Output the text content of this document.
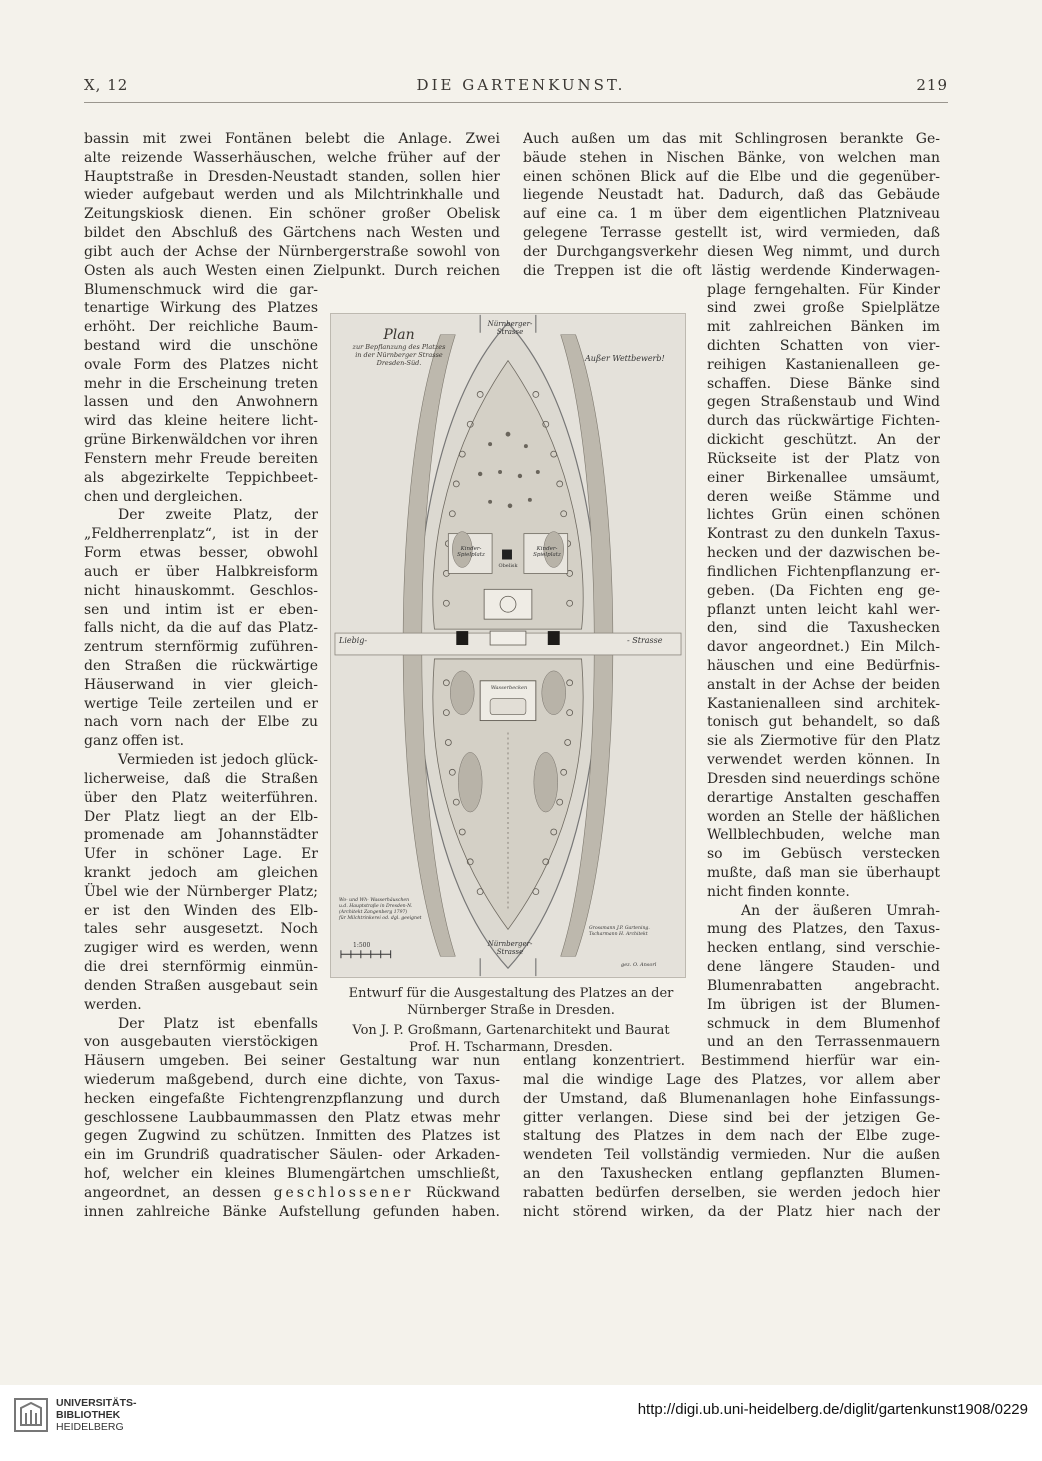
X, 12	DIE GARTENKUNST.	219
bassin mit zwei Fontänen belebt die Anlage. Zwei
alte reizende Wasserhäuschen, welche früher auf der
Hauptstraße in Dresden-Neustadt standen, sollen hier
wieder aufgebaut werden und als Milchtrinkhalle und
Zeitungskiosk dienen. Ein schöner großer Obelisk
bildet den Abschluß des Gärtchens nach Westen und
gibt auch der Achse der Nürnbergerstraße sowohl von
Osten als auch Westen einen Zielpunkt. Durch reichen
Blumenschmuck wird die gar-
tenartige Wirkung des Platzes
erhöht. Der reichliche Baum-
bestand wird die unschöne
ovale Form des Platzes nicht
mehr in die Erscheinung treten
lassen und den Anwohnern
wird das kleine heitere licht-
grüne Birkenwäldchen vor ihren
Fenstern mehr Freude bereiten
als abgezirkelte Teppichbeet-
chen und dergleichen.
Der zweite Platz, der
„Feldherrenplatz“, ist in der
Form etwas besser, obwohl
auch er über Halbkreisform
nicht hinauskommt. Geschlos-
sen und intim ist er eben-
falls nicht, da die auf das Platz-
zentrum sternförmig zuführen-
den Straßen die rückwärtige
Häuserwand in vier gleich-
wertige Teile zerteilen und er
nach vorn nach der Elbe zu
ganz offen ist.
Vermieden ist jedoch glück-
licherweise, daß die Straßen
über den Platz weiterführen.
Der Platz liegt an der Elb-
promenade am Johannstädter
Ufer in schöner Lage. Er
krankt jedoch am gleichen
Übel wie der Nürnberger Platz;
er ist den Winden des Elb-
tales sehr ausgesetzt. Noch
zugiger wird es werden, wenn
die drei sternförmig einmün-
denden Straßen ausgebaut sein
werden.
Der Platz ist ebenfalls
von ausgebauten vierstöckigen
Häusern umgeben. Bei seiner Gestaltung war nun
wiederum maßgebend, durch eine dichte, von Taxus-
hecken eingefaßte Fichtengrenzpflanzung und durch
geschlossene Laubbaummassen den Platz etwas mehr
gegen Zugwind zu schützen. Inmitten des Platzes ist
ein im Grundriß quadratischer Säulen- oder Arkaden-
hof, welcher ein kleines Blumengärtchen umschließt,
angeordnet, an dessen geschlossener Rückwand
innen zahlreiche Bänke Aufstellung gefunden haben.
Auch außen um das mit Schlingrosen berankte Ge-
bäude stehen in Nischen Bänke, von welchen man
einen schönen Blick auf die Elbe und die gegenüber-
liegende Neustadt hat. Dadurch, daß das Gebäude
auf eine ca. 1 m über dem eigentlichen Platzniveau
gelegene Terrasse gestellt ist, wird vermieden, daß
der Durchgangsverkehr diesen Weg nimmt, und durch
die Treppen ist die oft lästig werdende Kinderwagen-
plage ferngehalten. Für Kinder
sind zwei große Spielplätze
mit zahlreichen Bänken im
dichten Schatten von vier-
reihigen Kastanienalleen ge-
schaffen. Diese Bänke sind
gegen Straßenstaub und Wind
durch das rückwärtige Fichten-
dickicht geschützt. An der
Rückseite ist der Platz von
einer Birkenallee umsäumt,
deren weiße Stämme und
lichtes Grün einen schönen
Kontrast zu den dunkeln Taxus-
hecken und der dazwischen be-
findlichen Fichtenpflanzung er-
geben. (Da Fichten eng ge-
pflanzt unten leicht kahl wer-
den, sind die Taxushecken
davor angeordnet.) Ein Milch-
häuschen und eine Bedürfnis-
anstalt in der Achse der beiden
Kastanienalleen sind architek-
tonisch gut behandelt, so daß
sie als Ziermotive für den Platz
verwendet werden können. In
Dresden sind neuerdings schöne
derartige Anstalten geschaffen
worden an Stelle der häßlichen
Wellblechbuden, welche man
so im Gebüsch verstecken
mußte, daß man sie überhaupt
nicht finden konnte.
An der äußeren Umrah-
mung des Platzes, den Taxus-
hecken entlang, sind verschie-
dene längere Stauden- und
Blumenrabatten angebracht.
Im übrigen ist der Blumen-
schmuck in dem Blumenhof
und an den Terrassenmauern
entlang konzentriert. Bestimmend hierfür war ein-
mal die windige Lage des Platzes, vor allem aber
der Umstand, daß Blumenanlagen hohe Einfassungs-
gitter verlangen. Diese sind bei der jetzigen Ge-
staltung des Platzes in dem nach der Elbe zuge-
wendeten Teil vollständig vermieden. Nur die außen
an den Taxushecken entlang gepflanzten Blumen-
rabatten bedürfen derselben, sie werden jedoch hier
nicht störend wirken, da der Platz hier nach der
Plan
zur Bepflanzung des Platzes
in der Nürnberger Strasse
Dresden-Süd.
Nürnberger-
Strasse
Außer Wettbewerb!
Liebig-	- Strasse
Nürnberger-
Strasse
Kinder-
Spielplatz
Kinder-
Spielplatz
Obelisk
Wasserbecken
1:500
Wo- und Wh- Wasserhäuschen
u.d. Hauptstraße in Dresden-N.
(Architekt Zangenberg 1797)
für Milchtrinkerei od. dgl. geeignet
Grossmann J.P. Gartening.
Tscharmann H. Architekt
gez. O. Ansorl
Entwurf für die Ausgestaltung des Platzes an der
Nürnberger Straße in Dresden.
Von J. P. Großmann, Gartenarchitekt und Baurat
Prof. H. Tscharmann, Dresden.
UNIVERSITÄTS-
BIBLIOTHEK
HEIDELBERG
http://digi.ub.uni-heidelberg.de/diglit/gartenkunst1908/0229
